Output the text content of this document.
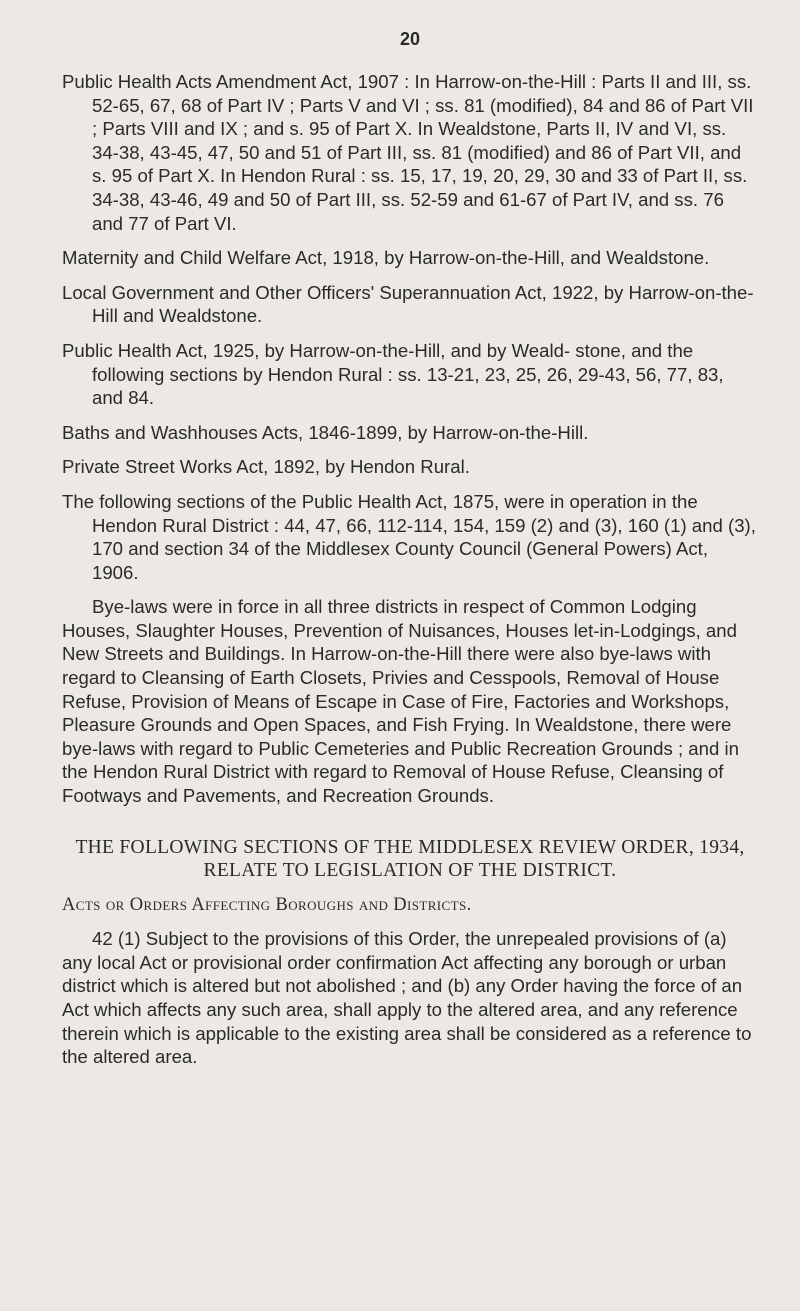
20

Public Health Acts Amendment Act, 1907 : In Harrow-on-the-Hill : Parts II and III, ss. 52-65, 67, 68 of Part IV ; Parts V and VI ; ss. 81 (modified), 84 and 86 of Part VII ; Parts VIII and IX ; and s. 95 of Part X. In Wealdstone, Parts II, IV and VI, ss. 34-38, 43-45, 47, 50 and 51 of Part III, ss. 81 (modified) and 86 of Part VII, and s. 95 of Part X. In Hendon Rural : ss. 15, 17, 19, 20, 29, 30 and 33 of Part II, ss. 34-38, 43-46, 49 and 50 of Part III, ss. 52-59 and 61-67 of Part IV, and ss. 76 and 77 of Part VI.

Maternity and Child Welfare Act, 1918, by Harrow-on-the-Hill, and Wealdstone.

Local Government and Other Officers' Superannuation Act, 1922, by Harrow-on-the-Hill and Wealdstone.

Public Health Act, 1925, by Harrow-on-the-Hill, and by Weald- stone, and the following sections by Hendon Rural : ss. 13-21, 23, 25, 26, 29-43, 56, 77, 83, and 84.

Baths and Washhouses Acts, 1846-1899, by Harrow-on-the-Hill.

Private Street Works Act, 1892, by Hendon Rural.

The following sections of the Public Health Act, 1875, were in operation in the Hendon Rural District : 44, 47, 66, 112-114, 154, 159 (2) and (3), 160 (1) and (3), 170 and section 34 of the Middlesex County Council (General Powers) Act, 1906.

Bye-laws were in force in all three districts in respect of Common Lodging Houses, Slaughter Houses, Prevention of Nuisances, Houses let-in-Lodgings, and New Streets and Buildings. In Harrow-on-the-Hill there were also bye-laws with regard to Cleansing of Earth Closets, Privies and Cesspools, Removal of House Refuse, Provision of Means of Escape in Case of Fire, Factories and Workshops, Pleasure Grounds and Open Spaces, and Fish Frying. In Wealdstone, there were bye-laws with regard to Public Cemeteries and Public Recreation Grounds ; and in the Hendon Rural District with regard to Removal of House Refuse, Cleansing of Footways and Pavements, and Recreation Grounds.

THE FOLLOWING SECTIONS OF THE MIDDLESEX REVIEW ORDER, 1934, RELATE TO LEGISLATION OF THE DISTRICT.
Acts or Orders Affecting Boroughs and Districts.

42 (1) Subject to the provisions of this Order, the unrepealed provisions of (a) any local Act or provisional order confirmation Act affecting any borough or urban district which is altered but not abolished ; and (b) any Order having the force of an Act which affects any such area, shall apply to the altered area, and any reference therein which is applicable to the existing area shall be considered as a reference to the altered area.
